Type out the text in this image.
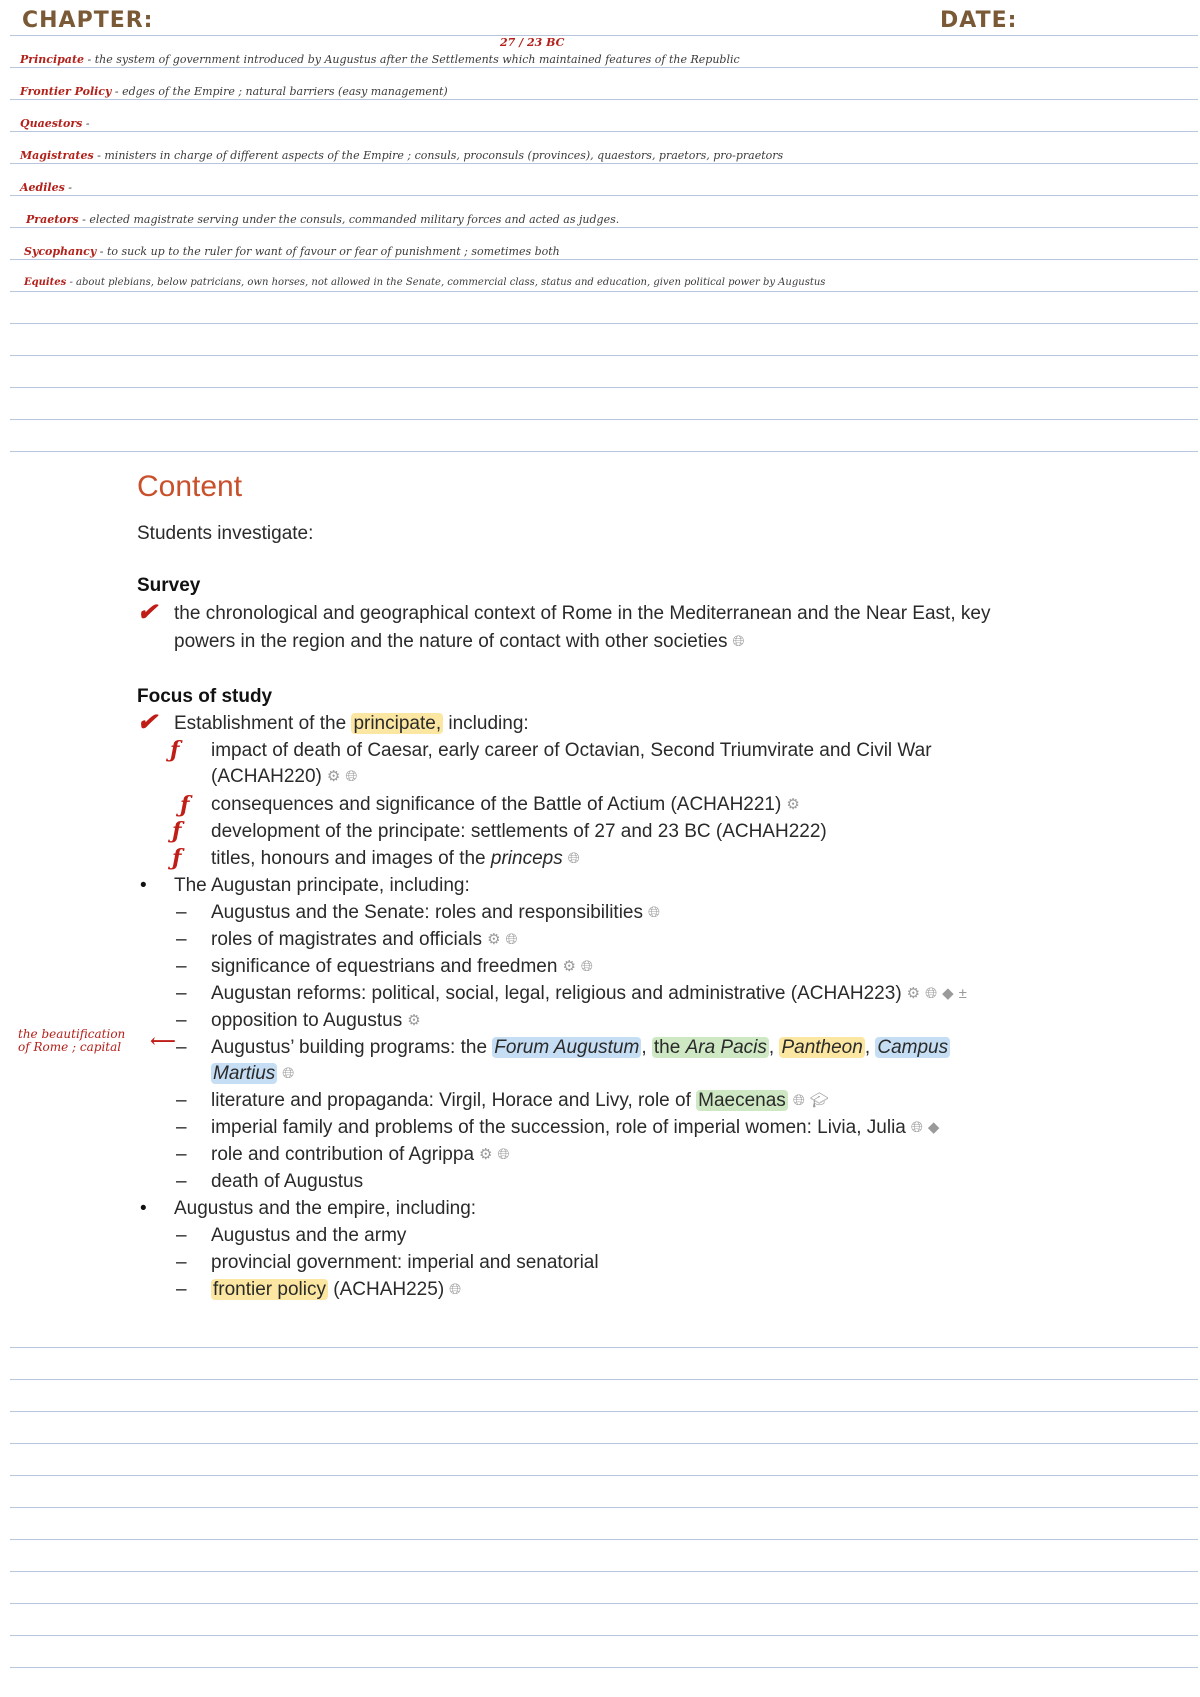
CHAPTER:	DATE:
27 / 23 BC
Principate - the system of government introduced by Augustus after the Settlements which maintained features of the Republic
Frontier Policy - edges of the Empire ; natural barriers (easy management)
Quaestors -
Magistrates - ministers in charge of different aspects of the Empire ; consuls, proconsuls (provinces), quaestors, praetors, pro-praetors
Aediles -
Praetors - elected magistrate serving under the consuls, commanded military forces and acted as judges.
Sycophancy - to suck up to the ruler for want of favour or fear of punishment ; sometimes both
Equites - about plebians, below patricians, own horses, not allowed in the Senate, commercial class, status and education, given political power by Augustus
Content
Students investigate:
Survey
✔ the chronological and geographical context of Rome in the Mediterranean and the Near East, key
powers in the region and the nature of contact with other societies 🌐︎
Focus of study
✔ Establishment of the principate, including:
ƒ impact of death of Caesar, early career of Octavian, Second Triumvirate and Civil War
(ACHAH220) ⚙ 🌐︎
ƒ consequences and significance of the Battle of Actium (ACHAH221) ⚙
ƒ development of the principate: settlements of 27 and 23 BC (ACHAH222)
ƒ titles, honours and images of the princeps 🌐︎
• The Augustan principate, including:
– Augustus and the Senate: roles and responsibilities 🌐︎
– roles of magistrates and officials ⚙ 🌐︎
– significance of equestrians and freedmen ⚙ 🌐︎
– Augustan reforms: political, social, legal, religious and administrative (ACHAH223) ⚙ 🌐︎ ◆ ±
– opposition to Augustus ⚙
the beautification
of Rome ; capital ⟵ – Augustus’ building programs: the Forum Augustum , the Ara Pacis , Pantheon , Campus
Martius 🌐︎
– literature and propaganda: Virgil, Horace and Livy, role of Maecenas 🌐︎ 🎓︎
– imperial family and problems of the succession, role of imperial women: Livia, Julia 🌐︎ ◆
– role and contribution of Agrippa ⚙ 🌐︎
– death of Augustus
• Augustus and the empire, including:
– Augustus and the army
– provincial government: imperial and senatorial
– frontier policy (ACHAH225) 🌐︎
